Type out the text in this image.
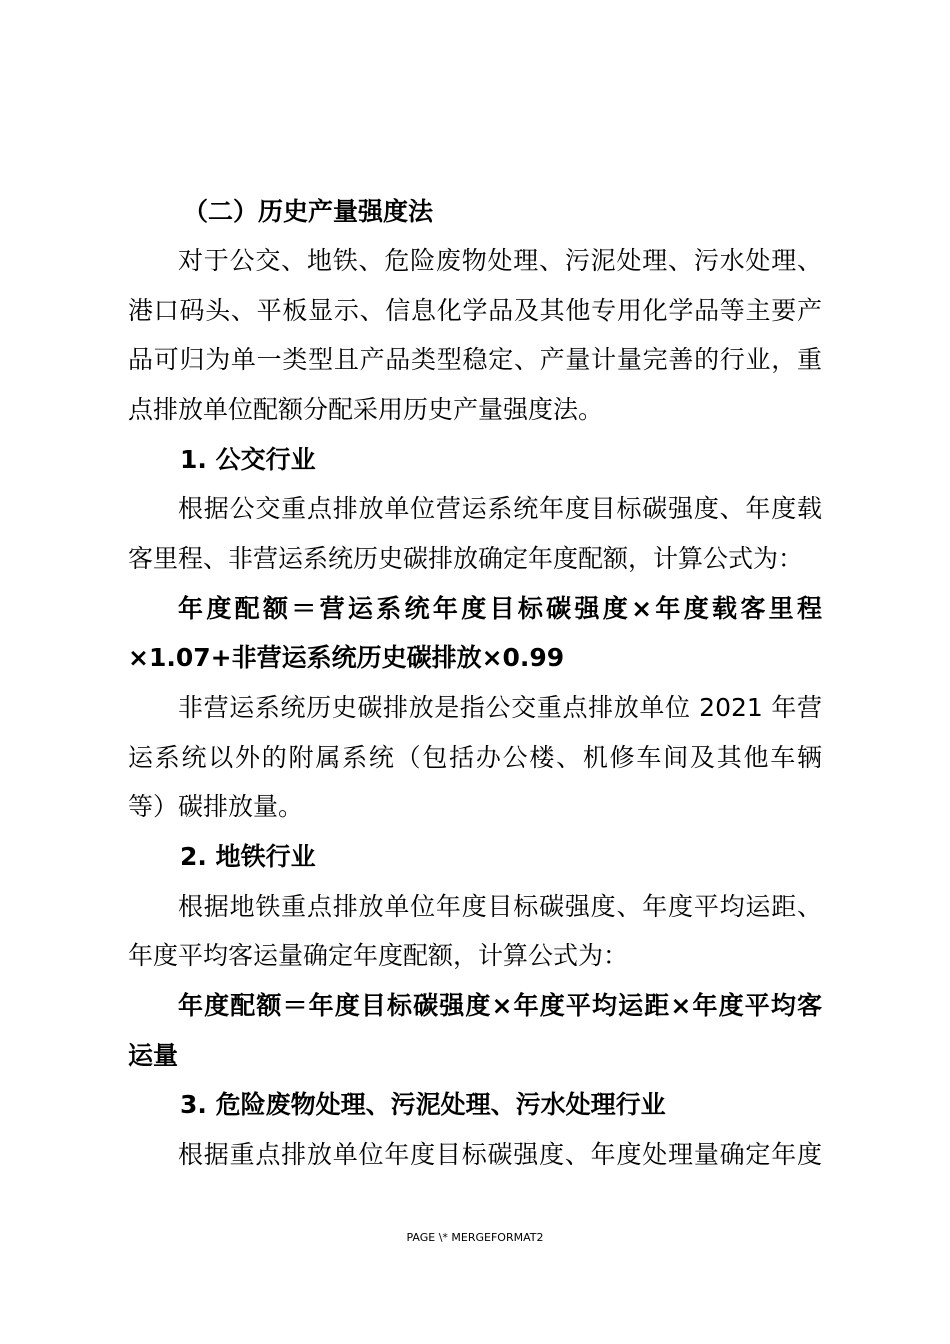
（二）历史产量强度法
对于公交、地铁、危险废物处理、污泥处理、污水处理、
港口码头、平板显示、信息化学品及其他专用化学品等主要产
品可归为单一类型且产品类型稳定、产量计量完善的行业，重
点排放单位配额分配采用历史产量强度法。
1. 公交行业
根据公交重点排放单位营运系统年度目标碳强度、年度载
客里程、非营运系统历史碳排放确定年度配额，计算公式为：
年度配额＝营运系统年度目标碳强度×年度载客里程
×1.07+非营运系统历史碳排放×0.99
非营运系统历史碳排放是指公交重点排放单位 2021 年营
运系统以外的附属系统（包括办公楼、机修车间及其他车辆
等）碳排放量。
2. 地铁行业
根据地铁重点排放单位年度目标碳强度、年度平均运距、
年度平均客运量确定年度配额，计算公式为：
年度配额＝年度目标碳强度×年度平均运距×年度平均客
运量
3. 危险废物处理、污泥处理、污水处理行业
根据重点排放单位年度目标碳强度、年度处理量确定年度
PAGE \* MERGEFORMAT2
